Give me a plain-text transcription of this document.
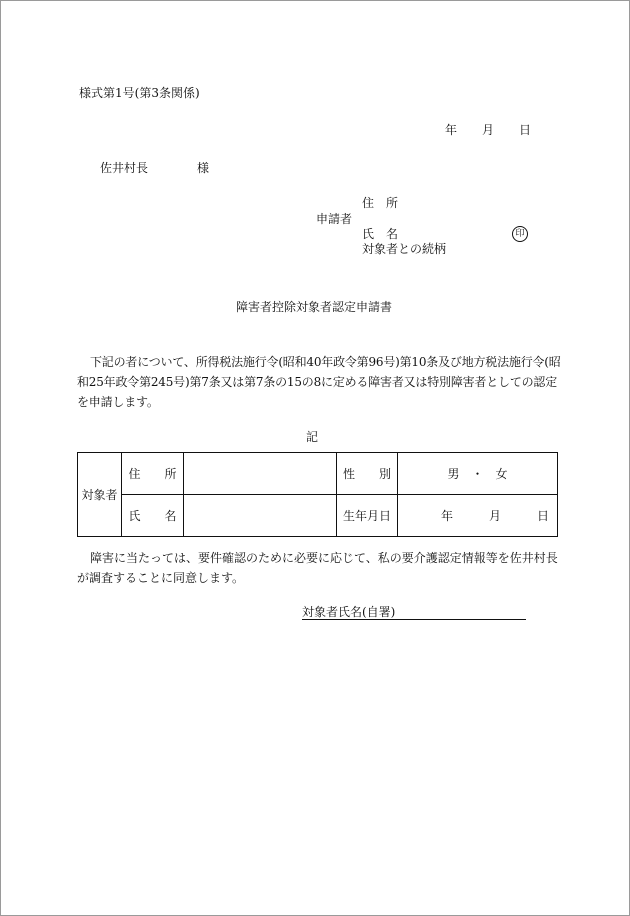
様式第1号(第3条関係)
年 月 日
佐井村長	様
住　所
申請者
氏　名	印
対象者との続柄
障害者控除対象者認定申請書
下記の者について、所得税法施行令(昭和40年政令第96号)第10条及び地方税法施行令(昭和25年政令第245号)第7条又は第7条の15の8に定める障害者又は特別障害者としての認定を申請します。
記
対象者	住　　所		性　　別	男　・　女
	氏　　名		生年月日	年　　　月　　　日
障害に当たっては、要件確認のために必要に応じて、私の要介護認定情報等を佐井村長が調査することに同意します。
対象者氏名(自署)
